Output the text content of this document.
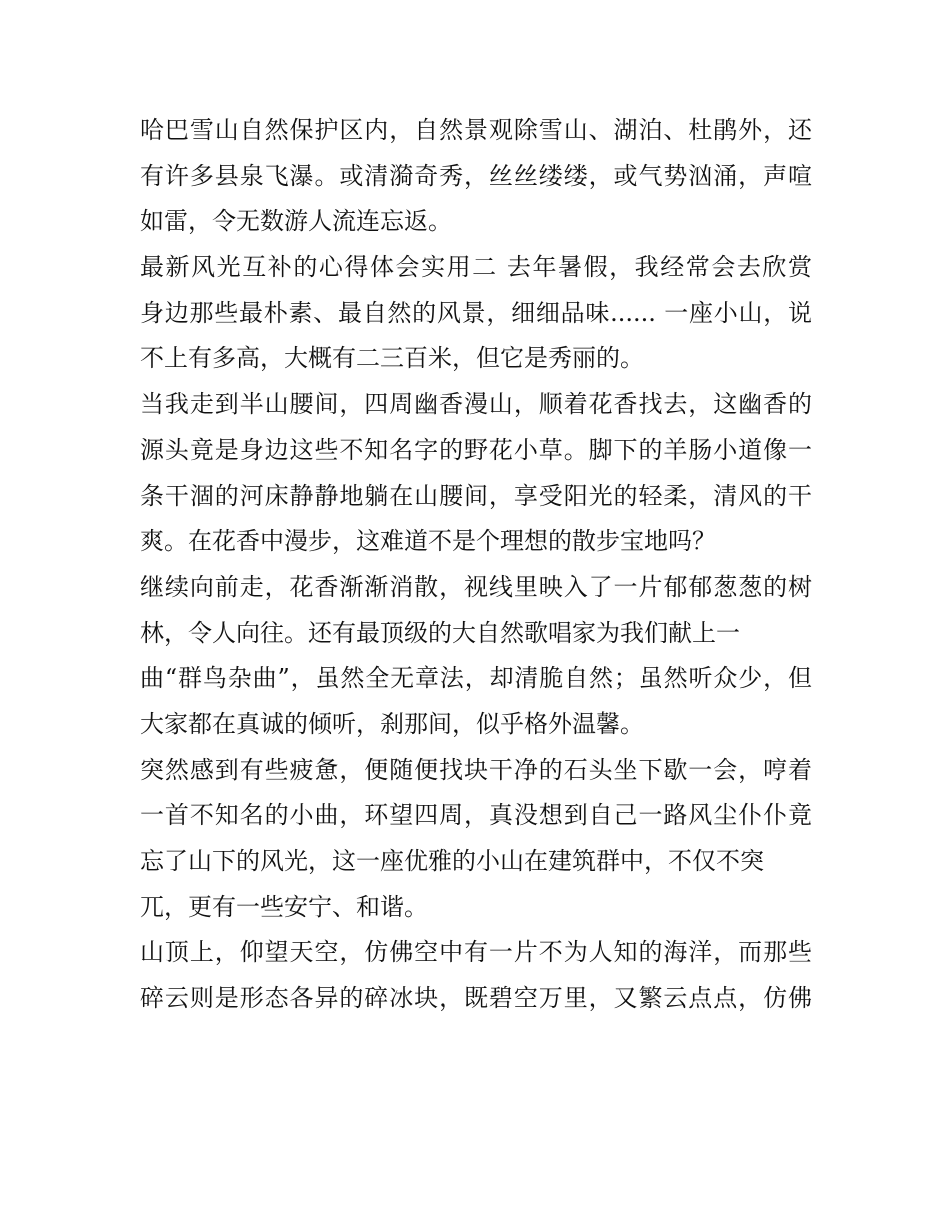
哈巴雪山自然保护区内，自然景观除雪山、湖泊、杜鹃外，还
有许多县泉飞瀑。或清漪奇秀，丝丝缕缕，或气势汹涌，声喧
如雷，令无数游人流连忘返。
最新风光互补的心得体会实用二 去年暑假，我经常会去欣赏
身边那些最朴素、最自然的风景，细细品味...... 一座小山，说
不上有多高，大概有二三百米，但它是秀丽的。
当我走到半山腰间，四周幽香漫山，顺着花香找去，这幽香的
源头竟是身边这些不知名字的野花小草。脚下的羊肠小道像一
条干涸的河床静静地躺在山腰间，享受阳光的轻柔，清风的干
爽。在花香中漫步，这难道不是个理想的散步宝地吗？
继续向前走，花香渐渐消散，视线里映入了一片郁郁葱葱的树
林，令人向往。还有最顶级的大自然歌唱家为我们献上一
曲“群鸟杂曲”，虽然全无章法，却清脆自然；虽然听众少，但
大家都在真诚的倾听，刹那间，似乎格外温馨。
突然感到有些疲惫，便随便找块干净的石头坐下歇一会，哼着
一首不知名的小曲，环望四周，真没想到自己一路风尘仆仆竟
忘了山下的风光，这一座优雅的小山在建筑群中，不仅不突
兀，更有一些安宁、和谐。
山顶上，仰望天空，仿佛空中有一片不为人知的海洋，而那些
碎云则是形态各异的碎冰块，既碧空万里，又繁云点点，仿佛
